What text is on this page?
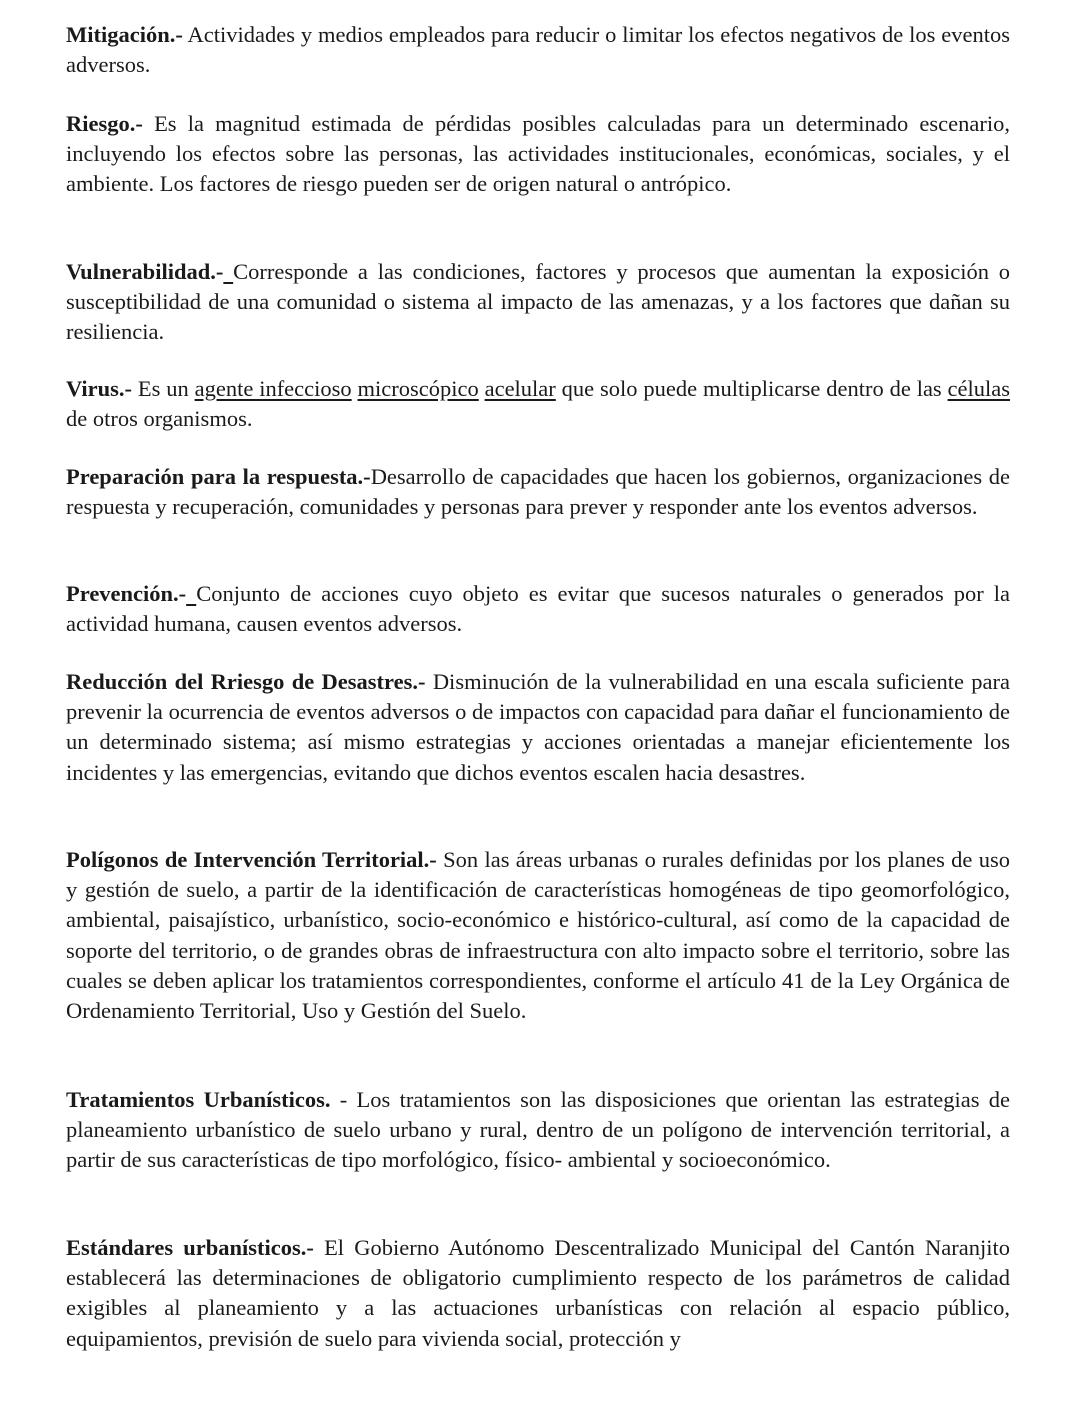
Mitigación.- Actividades y medios empleados para reducir o limitar los efectos negativos de los eventos adversos.

Riesgo.- Es la magnitud estimada de pérdidas posibles calculadas para un determinado escenario, incluyendo los efectos sobre las personas, las actividades institucionales, económicas, sociales, y el ambiente. Los factores de riesgo pueden ser de origen natural o antrópico.

Vulnerabilidad.- Corresponde a las condiciones, factores y procesos que aumentan la exposición o susceptibilidad de una comunidad o sistema al impacto de las amenazas, y a los factores que dañan su resiliencia.

Virus.- Es un agente infeccioso microscópico acelular que solo puede multiplicarse dentro de las células de otros organismos.

Preparación para la respuesta.-Desarrollo de capacidades que hacen los gobiernos, organizaciones de respuesta y recuperación, comunidades y personas para prever y responder ante los eventos adversos.

Prevención.- Conjunto de acciones cuyo objeto es evitar que sucesos naturales o generados por la actividad humana, causen eventos adversos.

Reducción del Rriesgo de Desastres.- Disminución de la vulnerabilidad en una escala suficiente para prevenir la ocurrencia de eventos adversos o de impactos con capacidad para dañar el funcionamiento de un determinado sistema; así mismo estrategias y acciones orientadas a manejar eficientemente los incidentes y las emergencias, evitando que dichos eventos escalen hacia desastres.

Polígonos de Intervención Territorial.- Son las áreas urbanas o rurales definidas por los planes de uso y gestión de suelo, a partir de la identificación de características homogéneas de tipo geomorfológico, ambiental, paisajístico, urbanístico, socio-económico e histórico-cultural, así como de la capacidad de soporte del territorio, o de grandes obras de infraestructura con alto impacto sobre el territorio, sobre las cuales se deben aplicar los tratamientos correspondientes, conforme el artículo 41 de la Ley Orgánica de Ordenamiento Territorial, Uso y Gestión del Suelo.

Tratamientos Urbanísticos. - Los tratamientos son las disposiciones que orientan las estrategias de planeamiento urbanístico de suelo urbano y rural, dentro de un polígono de intervención territorial, a partir de sus características de tipo morfológico, físico- ambiental y socioeconómico.

Estándares urbanísticos.- El Gobierno Autónomo Descentralizado Municipal del Cantón Naranjito establecerá las determinaciones de obligatorio cumplimiento respecto de los parámetros de calidad exigibles al planeamiento y a las actuaciones urbanísticas con relación al espacio público, equipamientos, previsión de suelo para vivienda social, protección y
